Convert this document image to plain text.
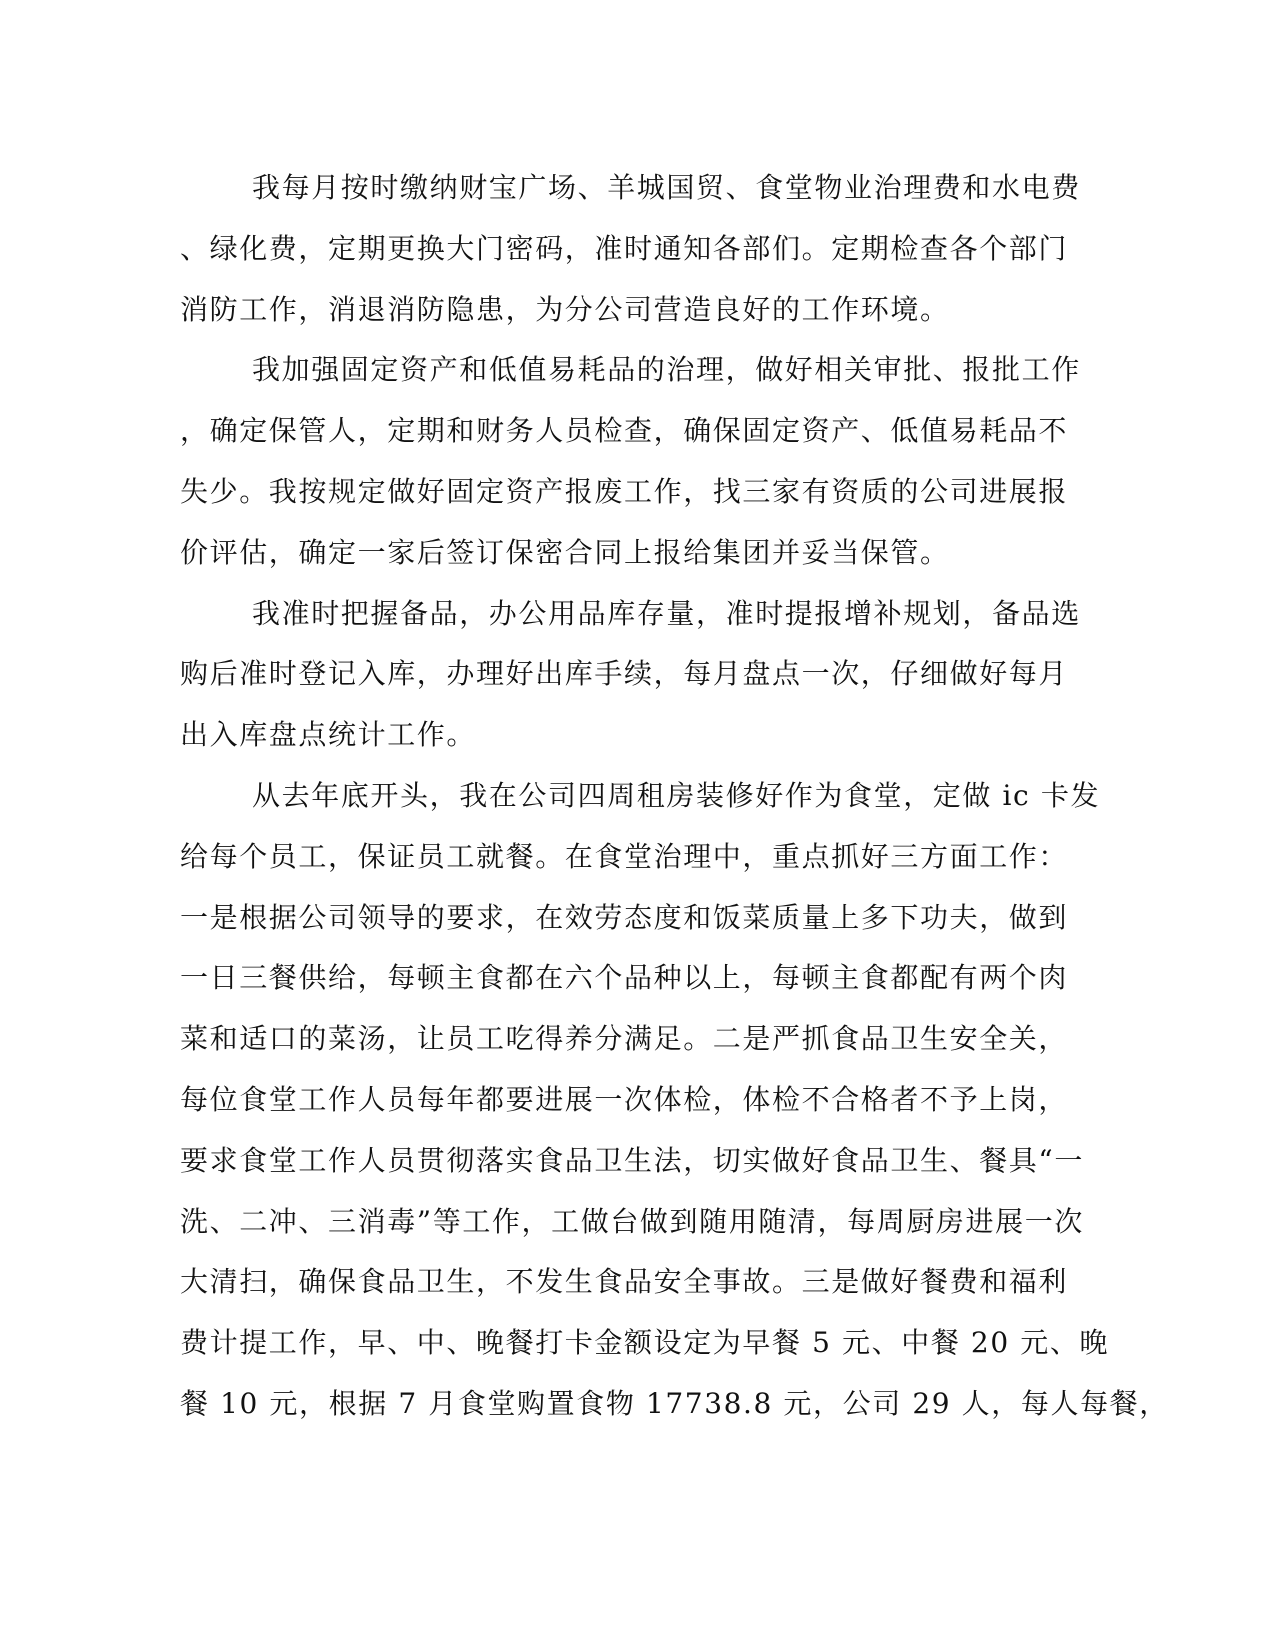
我每月按时缴纳财宝广场、羊城国贸、食堂物业治理费和水电费
、绿化费，定期更换大门密码，准时通知各部们。定期检查各个部门
消防工作，消退消防隐患，为分公司营造良好的工作环境。
我加强固定资产和低值易耗品的治理，做好相关审批、报批工作
，确定保管人，定期和财务人员检查，确保固定资产、低值易耗品不
失少。我按规定做好固定资产报废工作，找三家有资质的公司进展报
价评估，确定一家后签订保密合同上报给集团并妥当保管。
我准时把握备品，办公用品库存量，准时提报增补规划，备品选
购后准时登记入库，办理好出库手续，每月盘点一次，仔细做好每月
出入库盘点统计工作。
从去年底开头，我在公司四周租房装修好作为食堂，定做 ic 卡发
给每个员工，保证员工就餐。在食堂治理中，重点抓好三方面工作：
一是根据公司领导的要求，在效劳态度和饭菜质量上多下功夫，做到
一日三餐供给，每顿主食都在六个品种以上，每顿主食都配有两个肉
菜和适口的菜汤，让员工吃得养分满足。二是严抓食品卫生安全关，
每位食堂工作人员每年都要进展一次体检，体检不合格者不予上岗，
要求食堂工作人员贯彻落实食品卫生法，切实做好食品卫生、餐具“一
洗、二冲、三消毒”等工作，工做台做到随用随清，每周厨房进展一次
大清扫，确保食品卫生，不发生食品安全事故。三是做好餐费和福利
费计提工作，早、中、晚餐打卡金额设定为早餐 5 元、中餐 20 元、晚
餐 10 元，根据 7 月食堂购置食物 17738.8 元，公司 29 人，每人每餐，
